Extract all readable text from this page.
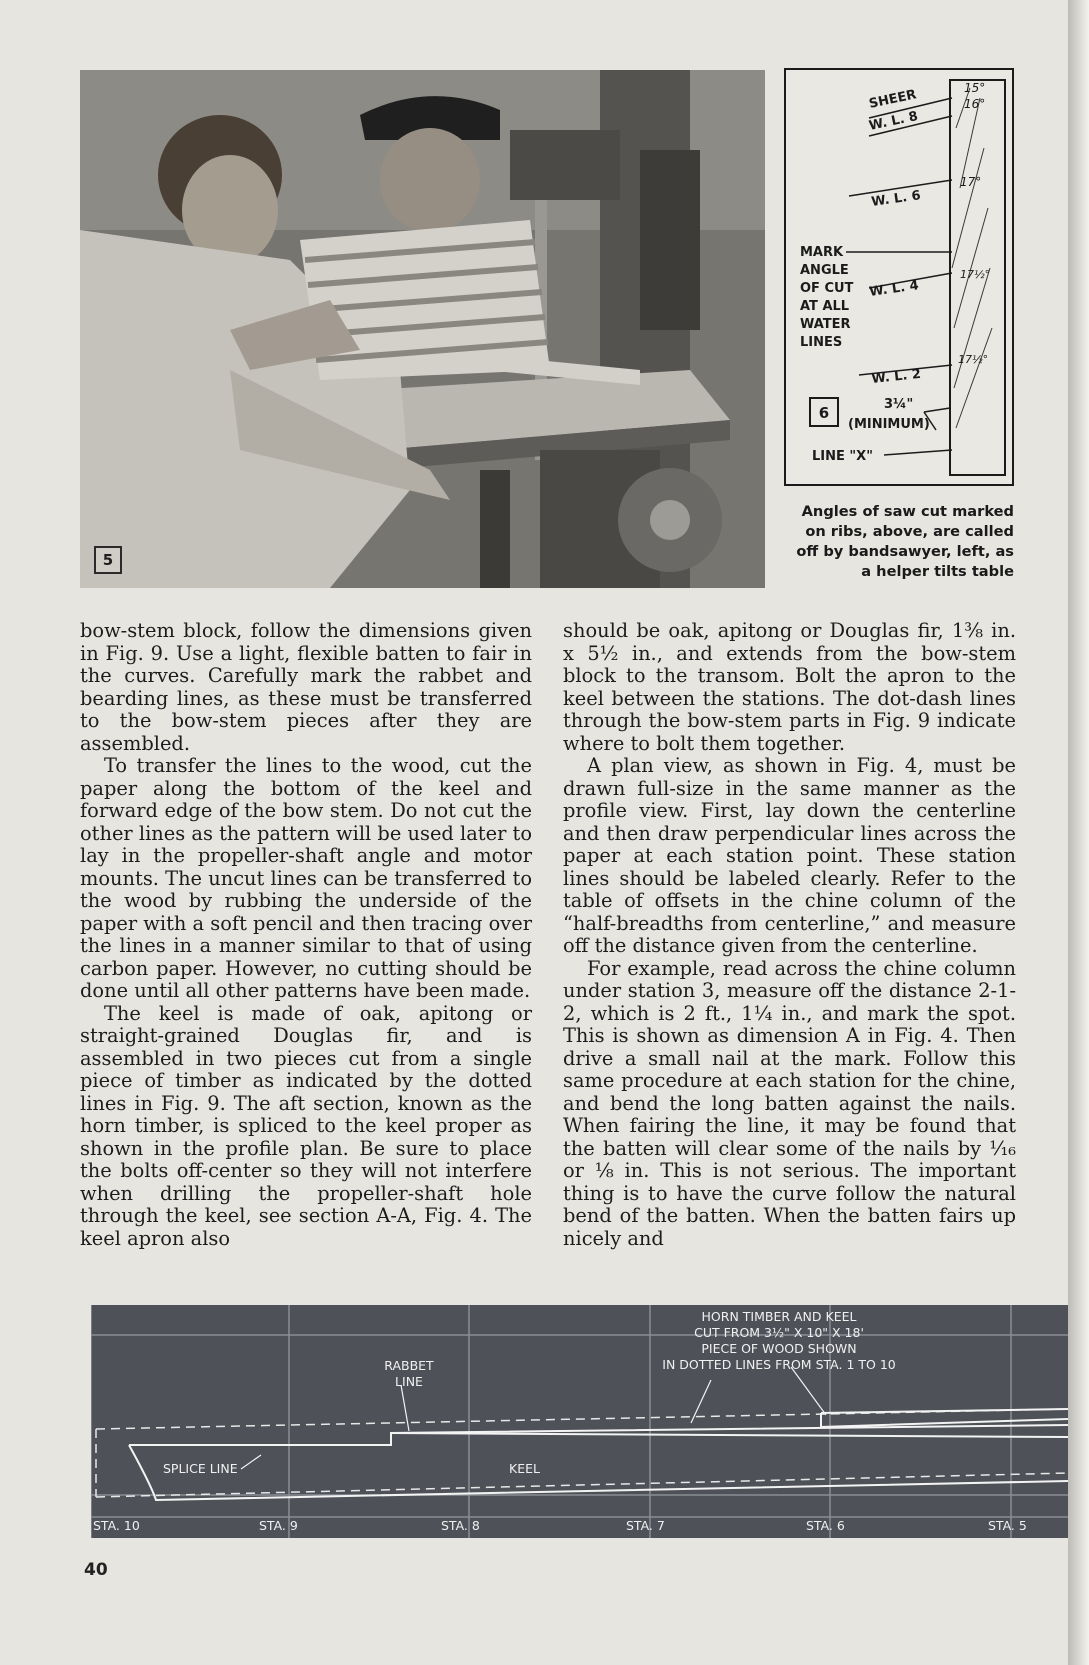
5
15°
16°
17°
17½°
17½°
SHEER
W. L. 8
W. L. 6
W. L. 4
W. L. 2
MARK
ANGLE
OF CUT
AT ALL
WATER
LINES
6	3¼"
(MINIMUM)
LINE "X"
Angles of saw cut marked on ribs, above, are called off by bandsawyer, left, as a helper tilts table

bow-stem block, follow the dimensions given in Fig. 9. Use a light, flexible batten to fair in the curves. Carefully mark the rabbet and bearding lines, as these must be transferred to the bow-stem pieces after they are assembled.

To transfer the lines to the wood, cut the paper along the bottom of the keel and forward edge of the bow stem. Do not cut the other lines as the pattern will be used later to lay in the propeller-shaft angle and motor mounts. The uncut lines can be transferred to the wood by rubbing the underside of the paper with a soft pencil and then tracing over the lines in a manner similar to that of using carbon paper. However, no cutting should be done until all other patterns have been made.

The keel is made of oak, apitong or straight-grained Douglas fir, and is assembled in two pieces cut from a single piece of timber as indicated by the dotted lines in Fig. 9. The aft section, known as the horn timber, is spliced to the keel proper as shown in the profile plan. Be sure to place the bolts off-center so they will not interfere when drilling the propeller-shaft hole through the keel, see section A-A, Fig. 4. The keel apron also

should be oak, apitong or Douglas fir, 1⅜ in. x 5½ in., and extends from the bow-stem block to the transom. Bolt the apron to the keel between the stations. The dot-dash lines through the bow-stem parts in Fig. 9 indicate where to bolt them together.

A plan view, as shown in Fig. 4, must be drawn full-size in the same manner as the profile view. First, lay down the centerline and then draw perpendicular lines across the paper at each station point. These station lines should be labeled clearly. Refer to the table of offsets in the chine column of the “half-breadths from centerline,” and measure off the distance given from the centerline.

For example, read across the chine column under station 3, measure off the distance 2-1-2, which is 2 ft., 1¼ in., and mark the spot. This is shown as dimension A in Fig. 4. Then drive a small nail at the mark. Follow this same procedure at each station for the chine, and bend the long batten against the nails. When fairing the line, it may be found that the batten will clear some of the nails by ⅟₁₆ or ⅛ in. This is not serious. The important thing is to have the curve follow the natural bend of the batten. When the batten fairs up nicely and

HORN TIMBER AND KEEL
CUT FROM 3½" X 10" X 18'
PIECE OF WOOD SHOWN
IN DOTTED LINES FROM STA. 1 TO 10
RABBET
LINE
SPLICE LINE	KEEL
STA. 10	STA. 9	STA. 8	STA. 7	STA. 6	STA. 5
40
